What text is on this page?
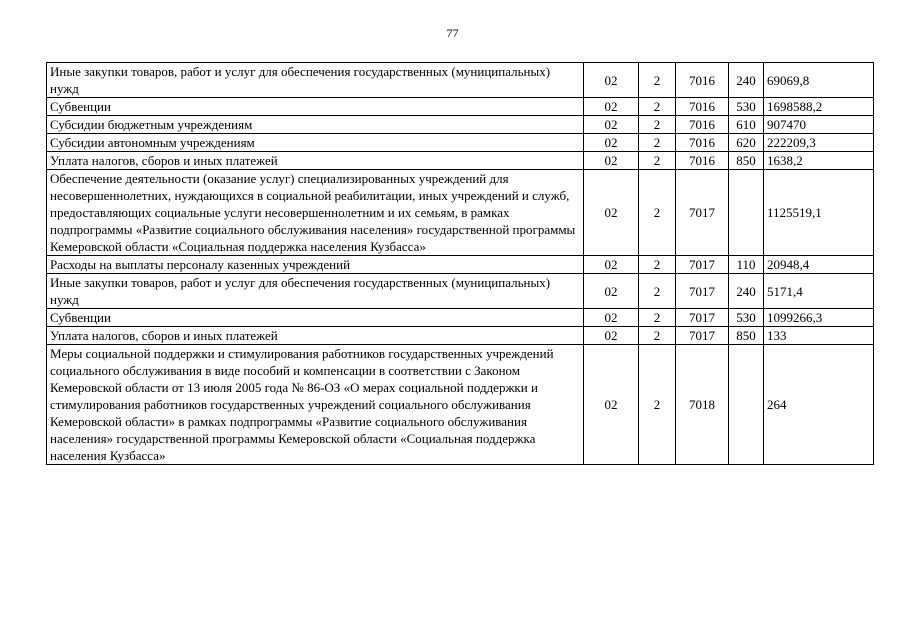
77
Иные закупки товаров, работ и услуг для обеспечения государственных (муниципальных) нужд	02	2	7016	240	69069,8
Субвенции	02	2	7016	530	1698588,2
Субсидии бюджетным учреждениям	02	2	7016	610	907470
Субсидии автономным учреждениям	02	2	7016	620	222209,3
Уплата налогов, сборов и иных платежей	02	2	7016	850	1638,2
Обеспечение деятельности (оказание услуг) специализированных учреждений для несовершеннолетних, нуждающихся в социальной реабилитации, иных учреждений и служб, предоставляющих социальные услуги несовершеннолетним и их семьям, в рамках подпрограммы «Развитие социального обслуживания населения» государственной программы Кемеровской области «Социальная поддержка населения Кузбасса»	02	2	7017		1125519,1
Расходы на выплаты персоналу казенных учреждений	02	2	7017	110	20948,4
Иные закупки товаров, работ и услуг для обеспечения государственных (муниципальных) нужд	02	2	7017	240	5171,4
Субвенции	02	2	7017	530	1099266,3
Уплата налогов, сборов и иных платежей	02	2	7017	850	133
Меры социальной поддержки и стимулирования работников государственных учреждений социального обслуживания в виде пособий и компенсации в соответствии с Законом Кемеровской области от 13 июля 2005 года № 86-ОЗ «О мерах социальной поддержки и стимулирования работников государственных учреждений социального обслуживания Кемеровской области» в рамках подпрограммы «Развитие социального обслуживания населения» государственной программы Кемеровской области «Социальная поддержка населения Кузбасса»	02	2	7018		264
